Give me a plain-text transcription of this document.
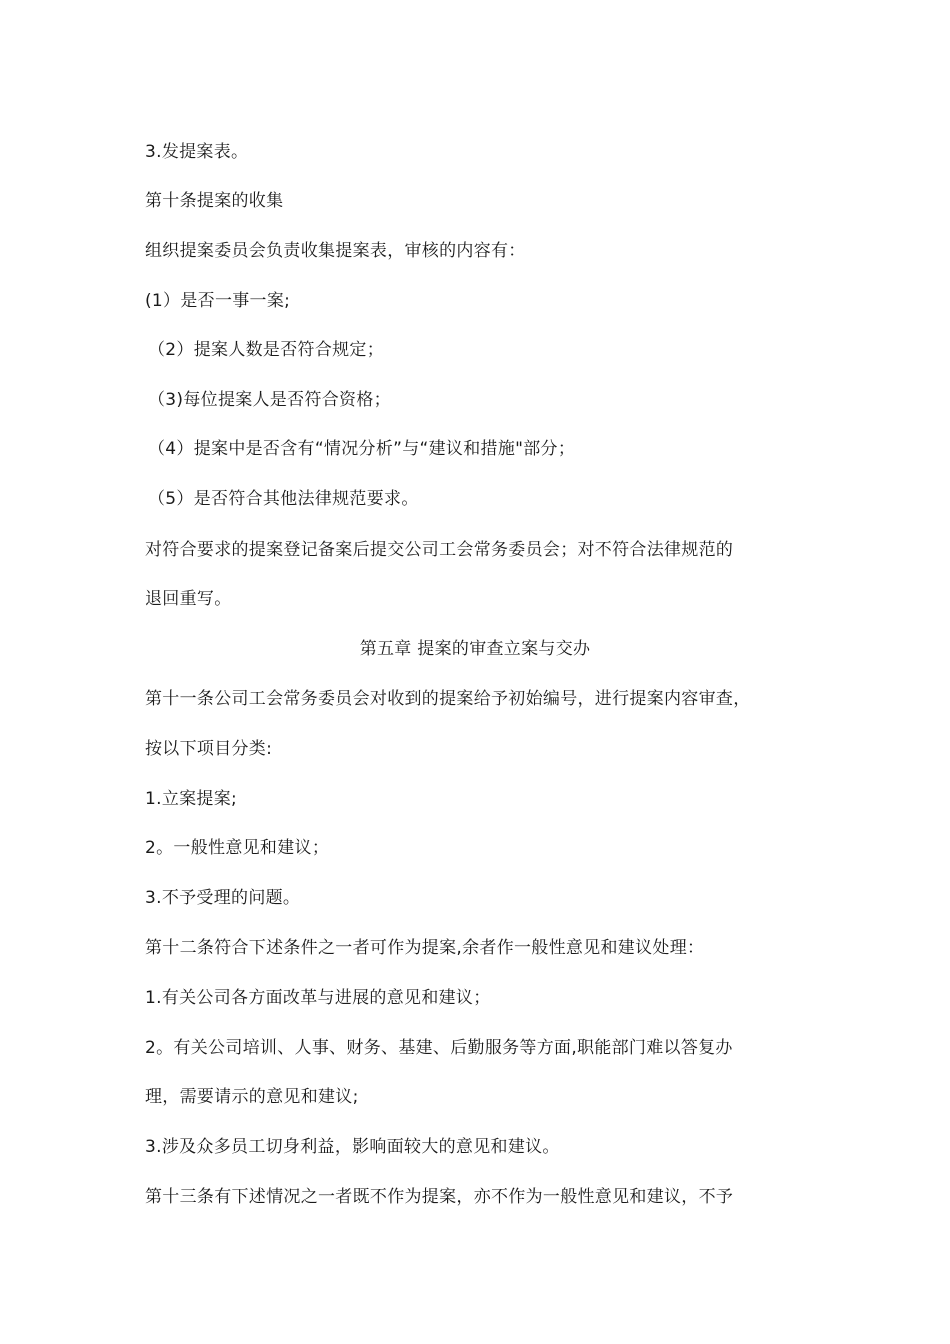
3.发提案表。
第十条提案的收集
组织提案委员会负责收集提案表，审核的内容有：
(1）是否一事一案;
（2）提案人数是否符合规定；
（3)每位提案人是否符合资格；
（4）提案中是否含有“情况分析”与“建议和措施"部分；
（5）是否符合其他法律规范要求。
对符合要求的提案登记备案后提交公司工会常务委员会；对不符合法律规范的
退回重写。
第五章 提案的审查立案与交办
第十一条公司工会常务委员会对收到的提案给予初始编号，进行提案内容审查，
按以下项目分类:
1.立案提案;
2。一般性意见和建议；
3.不予受理的问题。
第十二条符合下述条件之一者可作为提案,余者作一般性意见和建议处理：
1.有关公司各方面改革与进展的意见和建议；
2。有关公司培训、人事、财务、基建、后勤服务等方面,职能部门难以答复办
理，需要请示的意见和建议;
3.涉及众多员工切身利益，影响面较大的意见和建议。
第十三条有下述情况之一者既不作为提案，亦不作为一般性意见和建议，不予
